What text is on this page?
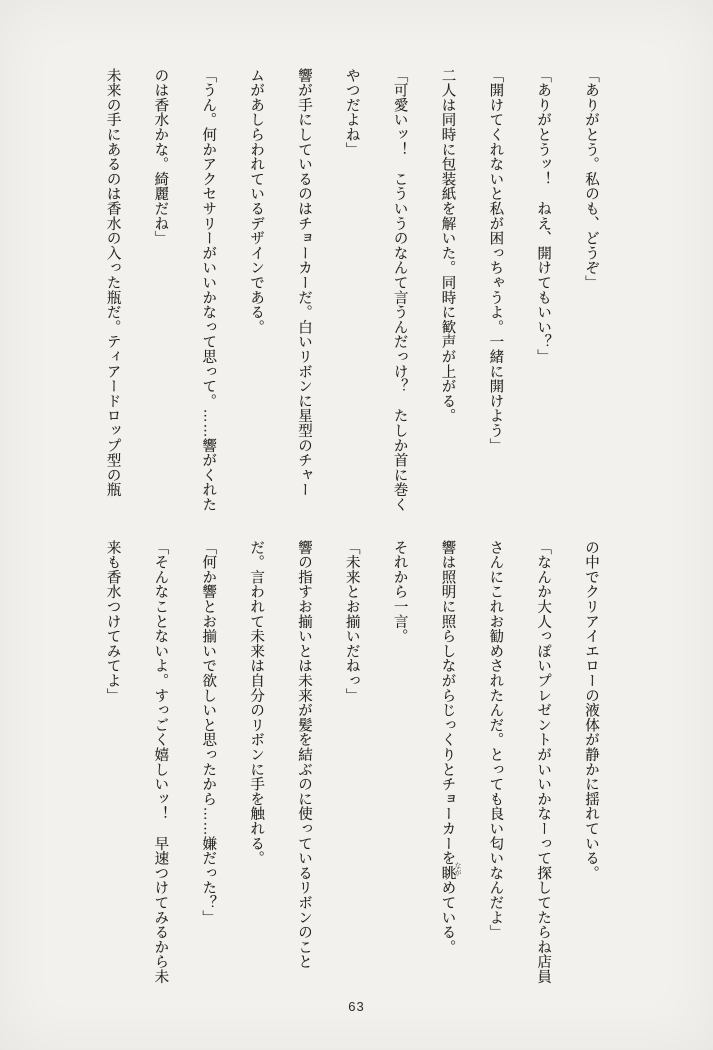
「ありがとう。私のも、どうぞ」

「ありがとうッ！　ねえ、開けてもいい？」

「開けてくれないと私が困っちゃうよ。一緒に開けよう」

二人は同時に包装紙を解いた。同時に歓声が上がる。

「可愛いッ！　こういうのなんて言うんだっけ？　たしか首に巻く

やつだよね」

響が手にしているのはチョーカーだ。白いリボンに星型のチャー

ムがあしらわれているデザインである。

「うん。何かアクセサリーがいいかなって思って。……響がくれた

のは香水かな。綺麗だね」

未来の手にあるのは香水の入った瓶だ。ティアードロップ型の瓶

の中でクリアイエローの液体が静かに揺れている。

「なんか大人っぽいプレゼントがいいかなーって探してたらね店員

さんにこれお勧めされたんだ。とっても良い匂いなんだよ」

響は照明に照らしながらじっくりとチョーカーを眺めている。

それから一言。

「未来とお揃いだねっ」

響の指すお揃いとは未来が髪を結ぶのに使っているリボンのこと

だ。言われて未来は自分のリボンに手を触れる。

「何か響とお揃いで欲しいと思ったから……嫌だった？」

「そんなことないよ。すっごく嬉しいッ！　早速つけてみるから未

来も香水つけてみてよ」

なが
63
